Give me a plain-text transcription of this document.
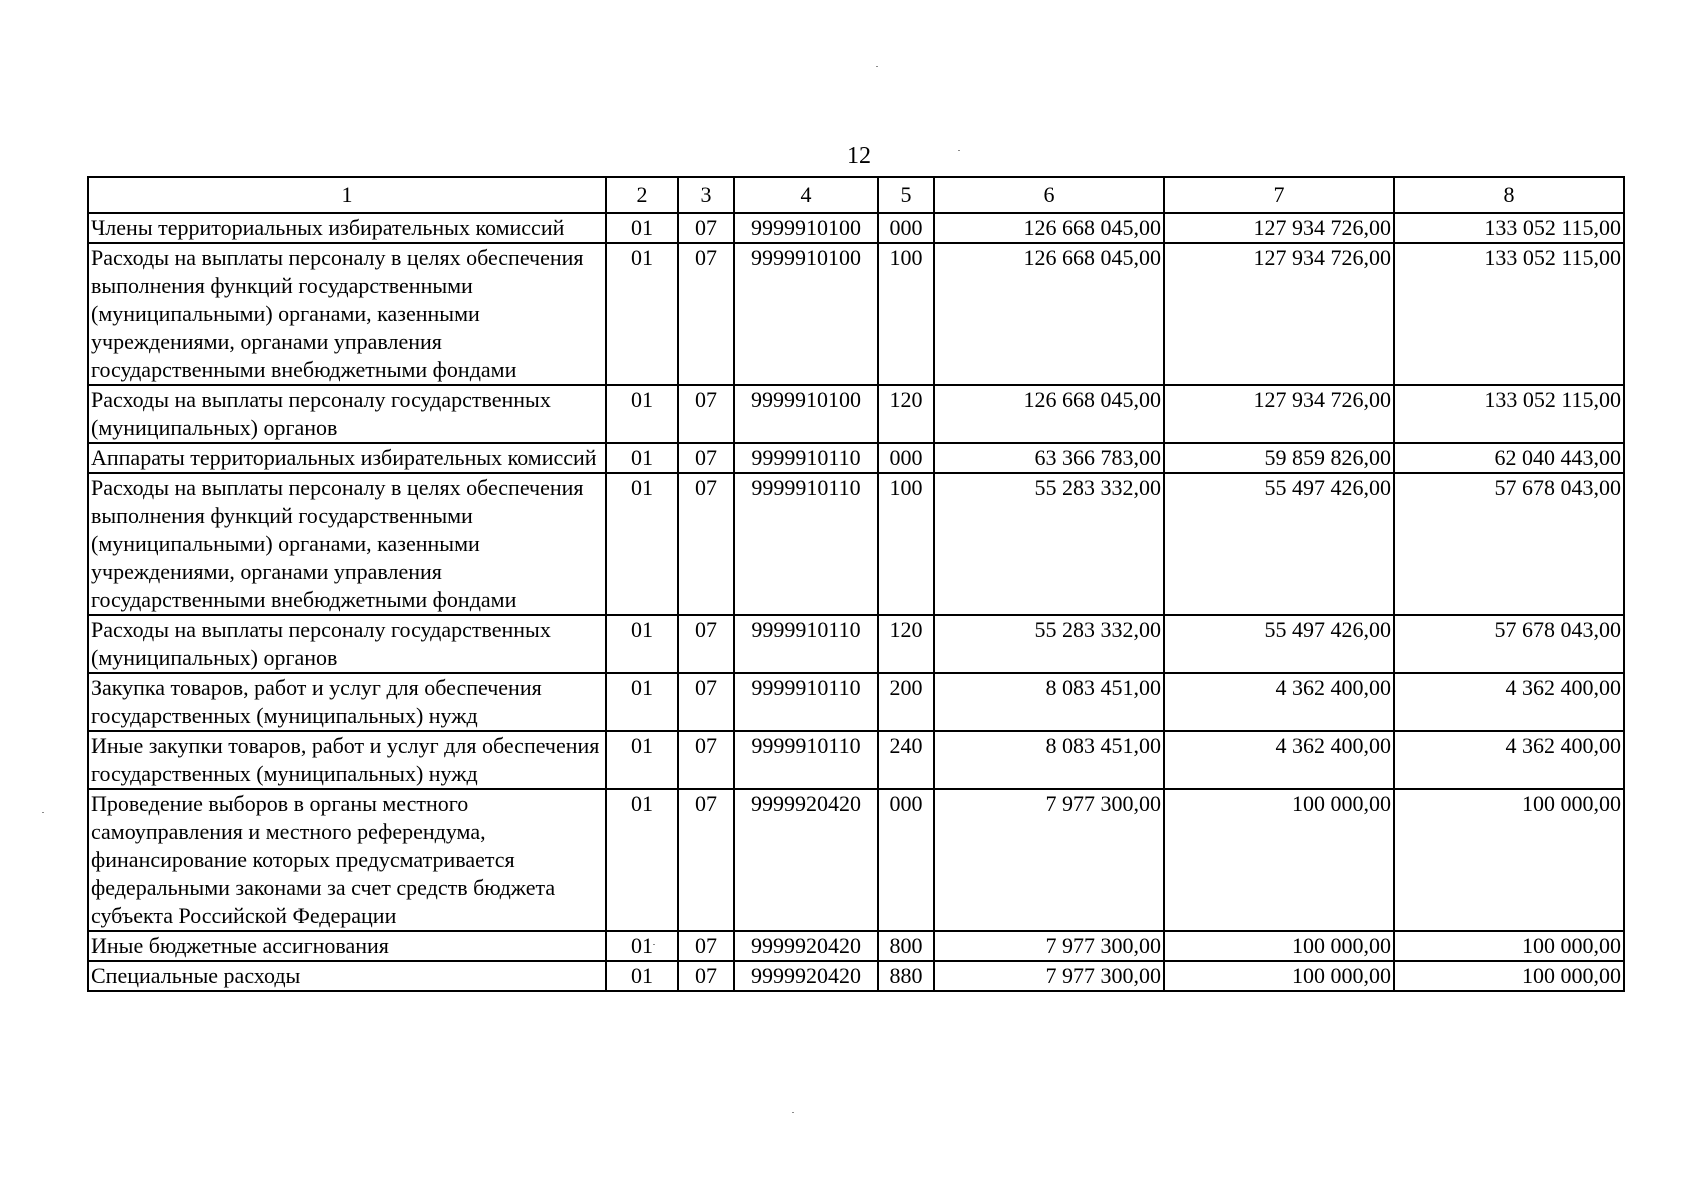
12
1	2	3	4	5	6	7	8
Члены территориальных избирательных комиссий	01	07	9999910100	000	126 668 045,00	127 934 726,00	133 052 115,00
Расходы на выплаты персоналу в целях обеспечения выполнения функций государственными (муниципальными) органами, казенными учреждениями, органами управления государственными внебюджетными фондами	01	07	9999910100	100	126 668 045,00	127 934 726,00	133 052 115,00
Расходы на выплаты персоналу государственных (муниципальных) органов	01	07	9999910100	120	126 668 045,00	127 934 726,00	133 052 115,00
Аппараты территориальных избирательных комиссий	01	07	9999910110	000	63 366 783,00	59 859 826,00	62 040 443,00
Расходы на выплаты персоналу в целях обеспечения выполнения функций государственными (муниципальными) органами, казенными учреждениями, органами управления государственными внебюджетными фондами	01	07	9999910110	100	55 283 332,00	55 497 426,00	57 678 043,00
Расходы на выплаты персоналу государственных (муниципальных) органов	01	07	9999910110	120	55 283 332,00	55 497 426,00	57 678 043,00
Закупка товаров, работ и услуг для обеспечения государственных (муниципальных) нужд	01	07	9999910110	200	8 083 451,00	4 362 400,00	4 362 400,00
Иные закупки товаров, работ и услуг для обеспечения государственных (муниципальных) нужд	01	07	9999910110	240	8 083 451,00	4 362 400,00	4 362 400,00
Проведение выборов в органы местного самоуправления и местного референдума, финансирование которых предусматривается федеральными законами за счет средств бюджета субъекта Российской Федерации	01	07	9999920420	000	7 977 300,00	100 000,00	100 000,00
Иные бюджетные ассигнования	01	07	9999920420	800	7 977 300,00	100 000,00	100 000,00
Специальные расходы	01	07	9999920420	880	7 977 300,00	100 000,00	100 000,00
